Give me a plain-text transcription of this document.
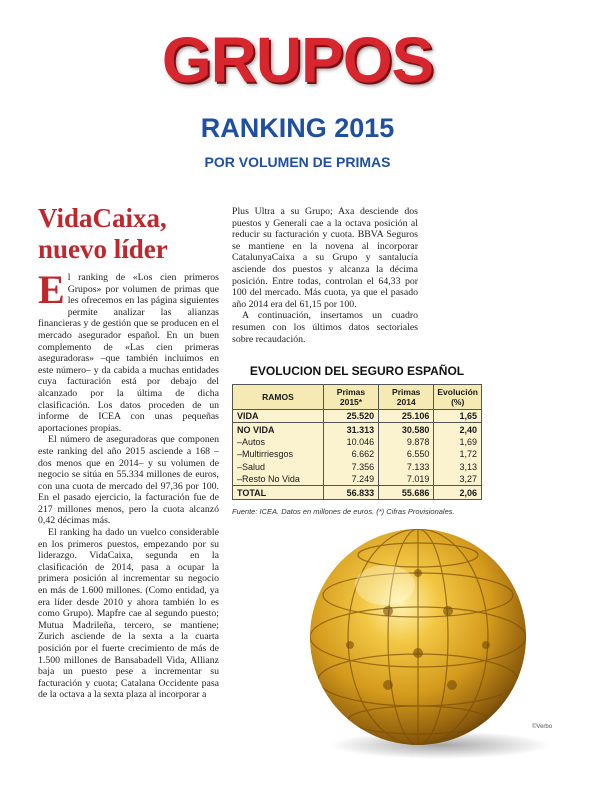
GRUPOS
RANKING 2015
POR VOLUMEN DE PRIMAS
VidaCaixa,
nuevo líder

El ranking de «Los cien primeros Grupos» por volumen de primas que les ofrecemos en las página siguientes permite analizar las alianzas financieras y de gestión que se producen en el mercado asegurador español. En un buen complemento de «Las cien primeras aseguradoras» –que también incluimos en este número– y da cabida a muchas entidades cuya facturación está por debajo del alcanzado por la última de dicha clasificación. Los datos proceden de un informe de ICEA con unas pequeñas aportaciones propias.

El número de aseguradoras que componen este ranking del año 2015 asciende a 168 –dos menos que en 2014– y su volumen de negocio se sitúa en 55.334 millones de euros, con una cuota de mercado del 97,36 por 100. En el pasado ejercicio, la facturación fue de 217 millones menos, pero la cuota alcanzó 0,42 décimas más.

El ranking ha dado un vuelco considerable en los primeros puestos, empezando por su liderazgo. VidaCaixa, segunda en la clasificación de 2014, pasa a ocupar la primera posición al incrementar su negocio en más de 1.600 millones. (Como entidad, ya era líder desde 2010 y ahora también lo es como Grupo). Mapfre cae al segundo puesto; Mutua Madrileña, tercero, se mantiene; Zurich asciende de la sexta a la cuarta posición por el fuerte crecimiento de más de 1.500 millones de Bansabadell Vida, Allianz baja un puesto pese a incrementar su facturación y cuota; Catalana Occidente pasa de la octava a la sexta plaza al incorporar a

Plus Ultra a su Grupo; Axa desciende dos puestos y Generali cae a la octava posición al reducir su facturación y cuota. BBVA Seguros se mantiene en la novena al incorporar CatalunyaCaixa a su Grupo y santalucía asciende dos puestos y alcanza la décima posición. Entre todas, controlan el 64,33 por 100 del mercado. Más cuota, ya que el pasado año 2014 era del 61,15 por 100.

A continuación, insertamos un cuadro resumen con los últimos datos sectoriales sobre recaudación.

EVOLUCION DEL SEGURO ESPAÑOL
RAMOS	Primas 2015*	Primas 2014	Evolución (%)
VIDA	25.520	25.106	1,65
NO VIDA	31.313	30.580	2,40
–Autos	10.046	9.878	1,69
–Multirriesgos	6.662	6.550	1,72
–Salud	7.356	7.133	3,13
–Resto No Vida	7.249	7.019	3,27
TOTAL	56.833	55.686	2,06
Fuente: ICEA. Datos en millones de euros. (*) Cifras Provisionales.
©Verbo
